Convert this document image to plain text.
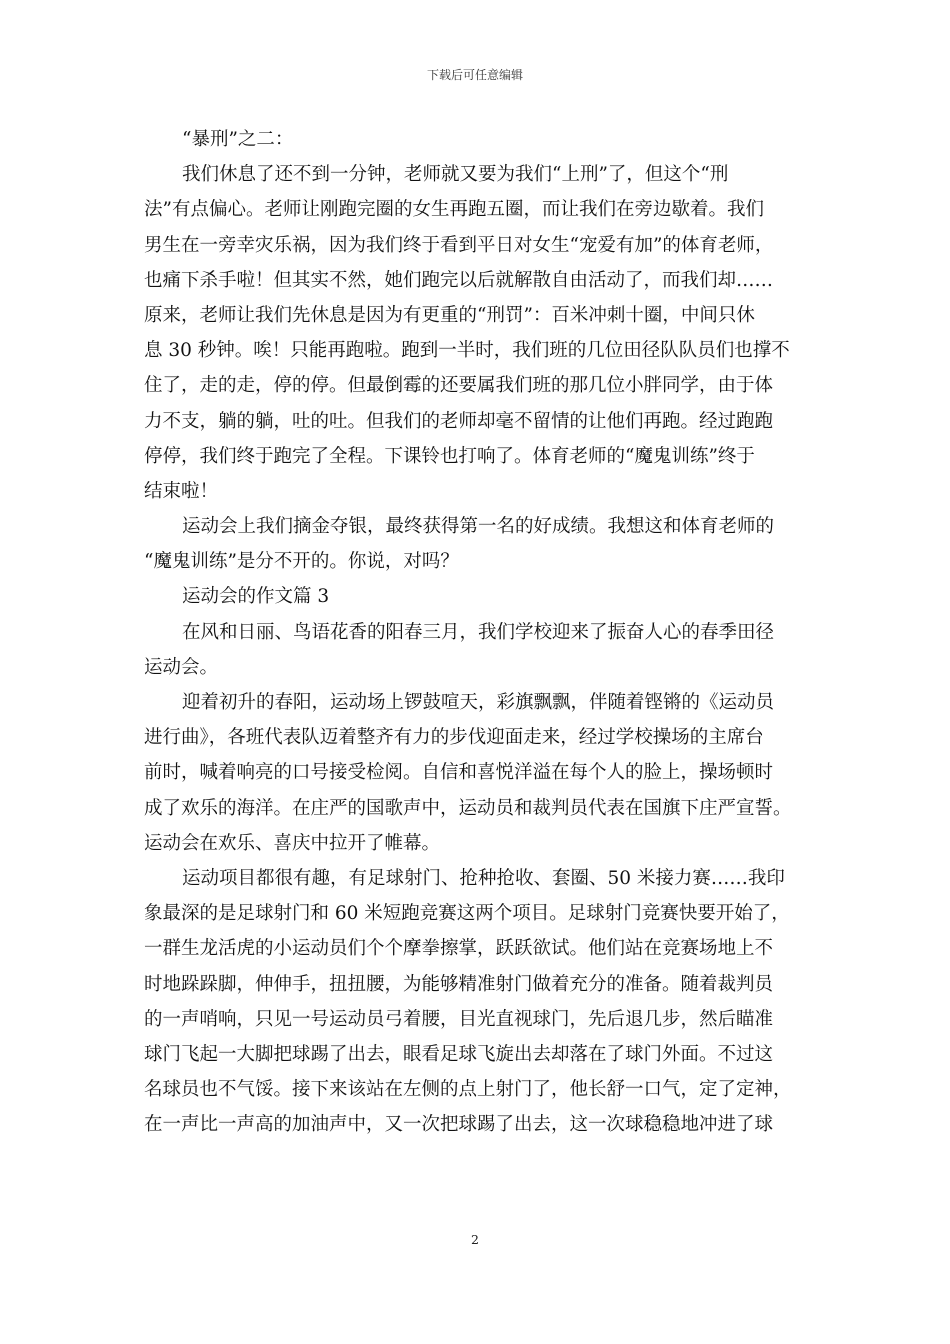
下载后可任意编辑
“暴刑”之二：
我们休息了还不到一分钟，老师就又要为我们“上刑”了，但这个“刑
法”有点偏心。老师让刚跑完圈的女生再跑五圈，而让我们在旁边歇着。我们
男生在一旁幸灾乐祸，因为我们终于看到平日对女生“宠爱有加”的体育老师，
也痛下杀手啦！但其实不然，她们跑完以后就解散自由活动了，而我们却……
原来，老师让我们先休息是因为有更重的“刑罚”：百米冲刺十圈，中间只休
息 30 秒钟。唉！只能再跑啦。跑到一半时，我们班的几位田径队队员们也撑不
住了，走的走，停的停。但最倒霉的还要属我们班的那几位小胖同学，由于体
力不支，躺的躺，吐的吐。但我们的老师却毫不留情的让他们再跑。经过跑跑
停停，我们终于跑完了全程。下课铃也打响了。体育老师的“魔鬼训练”终于
结束啦！
运动会上我们摘金夺银，最终获得第一名的好成绩。我想这和体育老师的
“魔鬼训练”是分不开的。你说，对吗？
运动会的作文篇 3
在风和日丽、鸟语花香的阳春三月，我们学校迎来了振奋人心的春季田径
运动会。
迎着初升的春阳，运动场上锣鼓喧天，彩旗飘飘，伴随着铿锵的《运动员
进行曲》，各班代表队迈着整齐有力的步伐迎面走来，经过学校操场的主席台
前时，喊着响亮的口号接受检阅。自信和喜悦洋溢在每个人的脸上，操场顿时
成了欢乐的海洋。在庄严的国歌声中，运动员和裁判员代表在国旗下庄严宣誓。
运动会在欢乐、喜庆中拉开了帷幕。
运动项目都很有趣，有足球射门、抢种抢收、套圈、50 米接力赛……我印
象最深的是足球射门和 60 米短跑竞赛这两个项目。足球射门竞赛快要开始了，
一群生龙活虎的小运动员们个个摩拳擦掌，跃跃欲试。他们站在竞赛场地上不
时地跺跺脚，伸伸手，扭扭腰，为能够精准射门做着充分的准备。随着裁判员
的一声哨响，只见一号运动员弓着腰，目光直视球门，先后退几步，然后瞄准
球门飞起一大脚把球踢了出去，眼看足球飞旋出去却落在了球门外面。不过这
名球员也不气馁。接下来该站在左侧的点上射门了，他长舒一口气，定了定神，
在一声比一声高的加油声中，又一次把球踢了出去，这一次球稳稳地冲进了球
2
